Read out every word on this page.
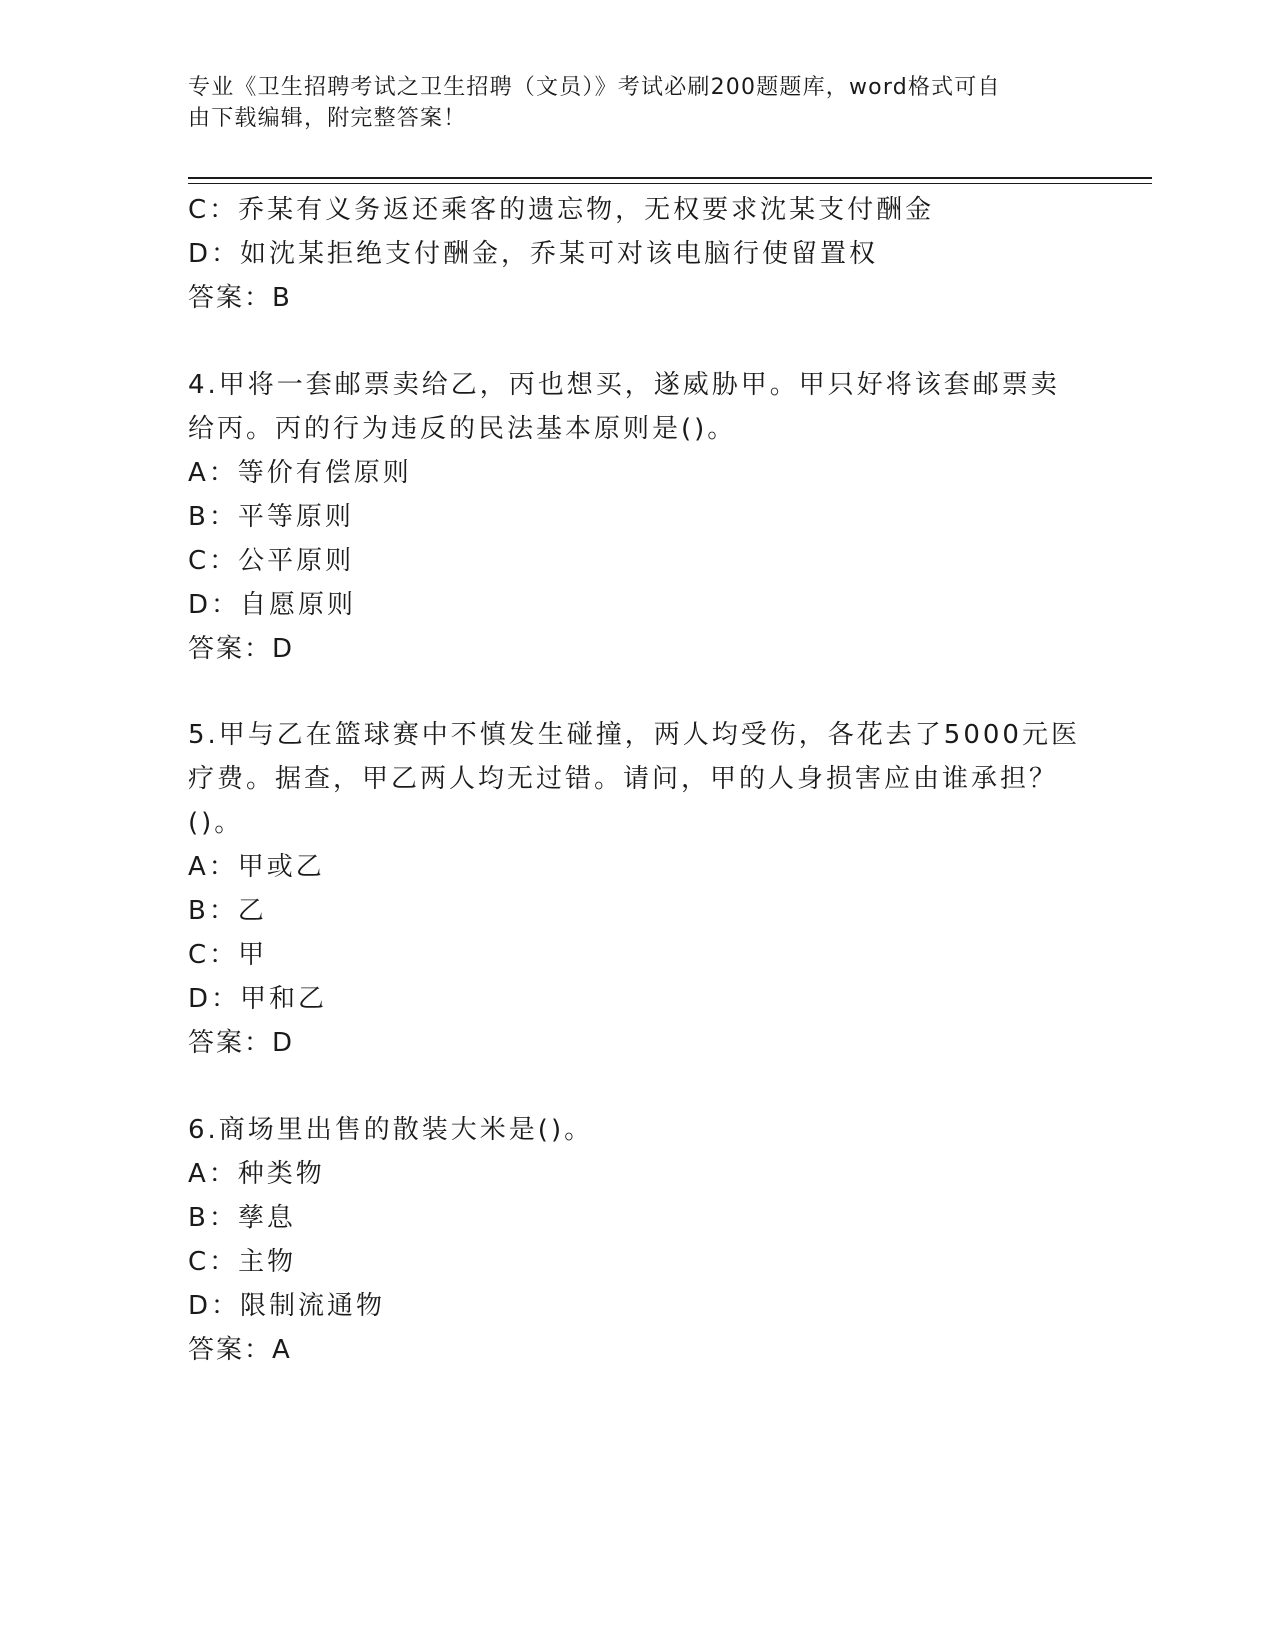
专业《卫生招聘考试之卫生招聘（文员）》考试必刷200题题库，word格式可自
由下载编辑，附完整答案！
C：乔某有义务返还乘客的遗忘物，无权要求沈某支付酬金
D：如沈某拒绝支付酬金，乔某可对该电脑行使留置权
答案：B
4.甲将一套邮票卖给乙，丙也想买，遂威胁甲。甲只好将该套邮票卖
给丙。丙的行为违反的民法基本原则是()。
A：等价有偿原则
B：平等原则
C：公平原则
D：自愿原则
答案：D
5.甲与乙在篮球赛中不慎发生碰撞，两人均受伤，各花去了5000元医
疗费。据查，甲乙两人均无过错。请问，甲的人身损害应由谁承担？
()。
A：甲或乙
B：乙
C：甲
D：甲和乙
答案：D
6.商场里出售的散装大米是()。
A：种类物
B：孳息
C：主物
D：限制流通物
答案：A
